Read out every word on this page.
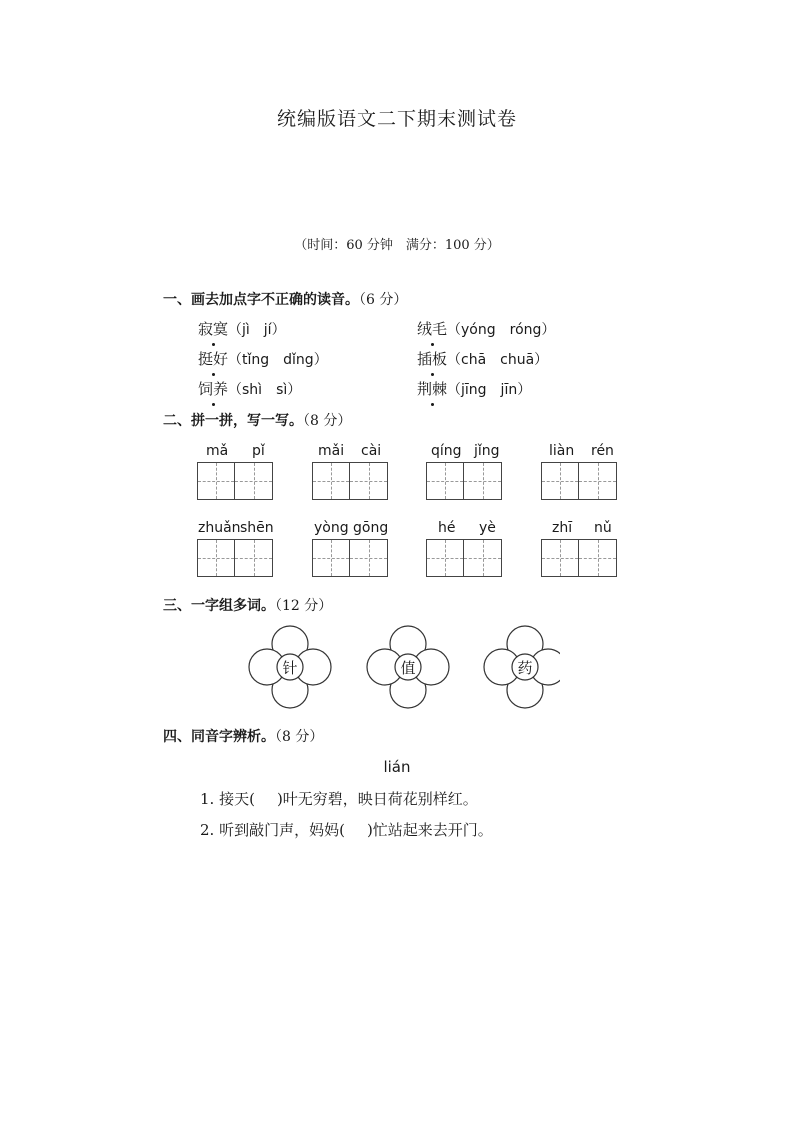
统编版语文二下期末测试卷
（时间：60 分钟　满分：100 分）
一、画去加点字不正确的读音。（6 分）
寂寞（jì　jí）	绒毛（yóng　róng）
挺好（tǐng　dǐng）	插板（chā　chuā）
饲养（shì　sì）	荆棘（jīng　jīn）
二、拼一拼，写一写。（8 分）
mǎ pǐ	mǎi cài	qíng jǐng	liàn rén
zhuǎn shēn	yòng gōng	hé yè	zhī nǔ
三、一字组多词。（12 分）
针	值	药
四、同音字辨析。（8 分）
lián
1. 接天( )叶无穷碧，映日荷花别样红。
2. 听到敲门声，妈妈( )忙站起来去开门。
